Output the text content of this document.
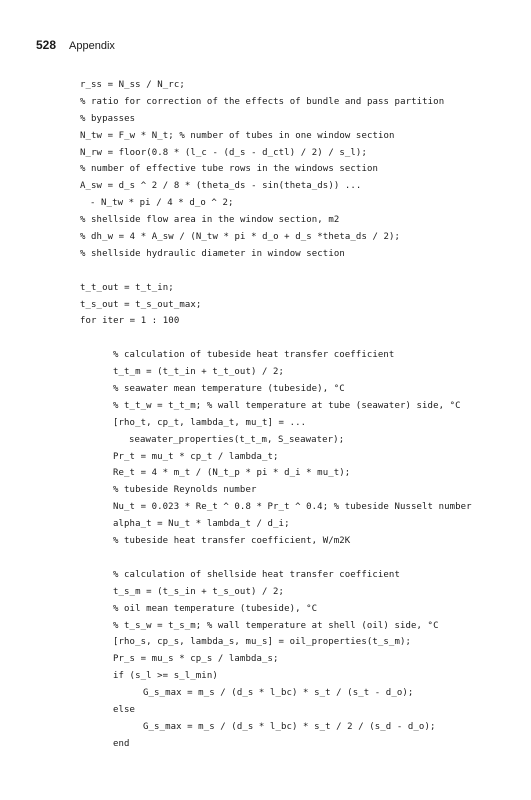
528 Appendix
r_ss = N_ss / N_rc;
% ratio for correction of the effects of bundle and pass partition
% bypasses
N_tw = F_w * N_t; % number of tubes in one window section
N_rw = floor(0.8 * (l_c - (d_s - d_ctl) / 2) / s_l);
% number of effective tube rows in the windows section
A_sw = d_s ^ 2 / 8 * (theta_ds - sin(theta_ds)) ...
- N_tw * pi / 4 * d_o ^ 2;
% shellside flow area in the window section, m2
% dh_w = 4 * A_sw / (N_tw * pi * d_o + d_s *theta_ds / 2);
% shellside hydraulic diameter in window section
t_t_out = t_t_in;
t_s_out = t_s_out_max;
for iter = 1 : 100
% calculation of tubeside heat transfer coefficient
t_t_m = (t_t_in + t_t_out) / 2;
% seawater mean temperature (tubeside), °C
% t_t_w = t_t_m; % wall temperature at tube (seawater) side, °C
[rho_t, cp_t, lambda_t, mu_t] = ...
seawater_properties(t_t_m, S_seawater);
Pr_t = mu_t * cp_t / lambda_t;
Re_t = 4 * m_t / (N_t_p * pi * d_i * mu_t);
% tubeside Reynolds number
Nu_t = 0.023 * Re_t ^ 0.8 * Pr_t ^ 0.4; % tubeside Nusselt number
alpha_t = Nu_t * lambda_t / d_i;
% tubeside heat transfer coefficient, W/m2K
% calculation of shellside heat transfer coefficient
t_s_m = (t_s_in + t_s_out) / 2;
% oil mean temperature (tubeside), °C
% t_s_w = t_s_m; % wall temperature at shell (oil) side, °C
[rho_s, cp_s, lambda_s, mu_s] = oil_properties(t_s_m);
Pr_s = mu_s * cp_s / lambda_s;
if (s_l >= s_l_min)
G_s_max = m_s / (d_s * l_bc) * s_t / (s_t - d_o);
else
G_s_max = m_s / (d_s * l_bc) * s_t / 2 / (s_d - d_o);
end
